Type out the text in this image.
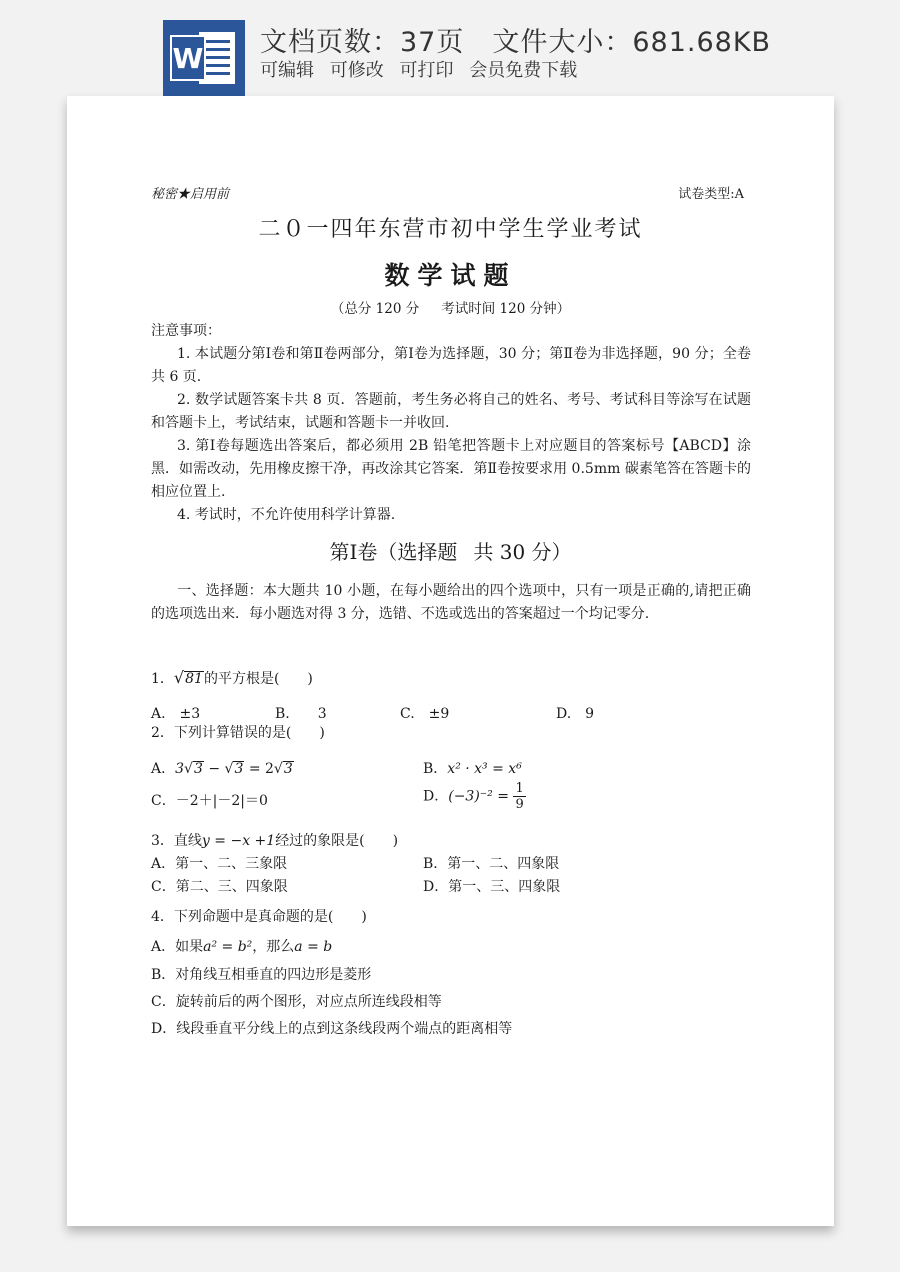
W 文档页数：37页 文件大小：681.68KB
可编辑 可修改 可打印 会员免费下载
秘密★启用前	试卷类型:A
二０一四年东营市初中学生学业考试
数学试题
（总分 120 分 考试时间 120 分钟）
注意事项：
1. 本试题分第Ⅰ卷和第Ⅱ卷两部分，第Ⅰ卷为选择题，30 分；第Ⅱ卷为非选择题，90 分；全卷共 6 页.
2. 数学试题答案卡共 8 页．答题前，考生务必将自己的姓名、考号、考试科目等涂写在试题和答题卡上，考试结束，试题和答题卡一并收回.
3. 第Ⅰ卷每题选出答案后，都必须用 2B 铅笔把答题卡上对应题目的答案标号【ABCD】涂黑．如需改动，先用橡皮擦干净，再改涂其它答案．第Ⅱ卷按要求用 0.5mm 碳素笔答在答题卡的相应位置上.
4. 考试时，不允许使用科学计算器.
第Ⅰ卷（选择题 共 30 分）
一、选择题：本大题共 10 小题，在每小题给出的四个选项中，只有一项是正确的,请把正确的选项选出来．每小题选对得 3 分，选错、不选或选出的答案超过一个均记零分.
1．√81的平方根是(　　)
A.　±3	B.　　3	C.　±9	D.　9
2．下列计算错误的是(　　)
A．3√3 − √3 = 2√3	B．x² · x³ = x⁶
C．－2＋|－2|＝0	D．$(-3)^{-2} = \frac{1}{9}$
3．直线y = −x +1经过的象限是(　　)
A．第一、二、三象限	B．第一、二、四象限
C．第二、三、四象限	D．第一、三、四象限
4．下列命题中是真命题的是(　　)
A．如果a² = b²，那么a = b
B．对角线互相垂直的四边形是菱形
C．旋转前后的两个图形，对应点所连线段相等
D．线段垂直平分线上的点到这条线段两个端点的距离相等
